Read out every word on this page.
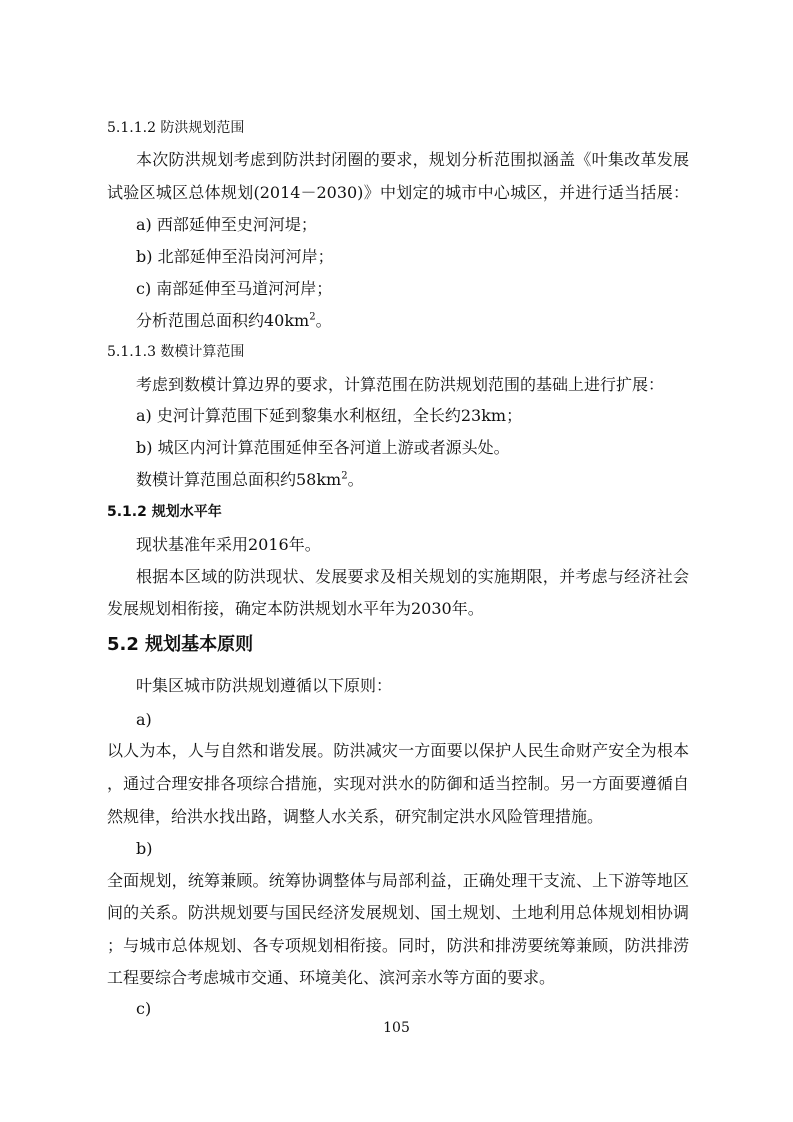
5.1.1.2 防洪规划范围
本次防洪规划考虑到防洪封闭圈的要求，规划分析范围拟涵盖《叶集改革发展
试验区城区总体规划(2014－2030)》中划定的城市中心城区，并进行适当括展：
a) 西部延伸至史河河堤；
b) 北部延伸至沿岗河河岸；
c) 南部延伸至马道河河岸；
分析范围总面积约$40km^2$。
5.1.1.3 数模计算范围
考虑到数模计算边界的要求，计算范围在防洪规划范围的基础上进行扩展：
a) 史河计算范围下延到黎集水利枢纽，全长约23km；
b) 城区内河计算范围延伸至各河道上游或者源头处。
数模计算范围总面积约$58km^2$。
5.1.2 规划水平年
现状基准年采用2016年。
根据本区域的防洪现状、发展要求及相关规划的实施期限，并考虑与经济社会
发展规划相衔接，确定本防洪规划水平年为2030年。
5.2 规划基本原则
叶集区城市防洪规划遵循以下原则：
a)
以人为本，人与自然和谐发展。防洪减灾一方面要以保护人民生命财产安全为根本
，通过合理安排各项综合措施，实现对洪水的防御和适当控制。另一方面要遵循自
然规律，给洪水找出路，调整人水关系，研究制定洪水风险管理措施。
b)
全面规划，统筹兼顾。统筹协调整体与局部利益，正确处理干支流、上下游等地区
间的关系。防洪规划要与国民经济发展规划、国土规划、土地利用总体规划相协调
；与城市总体规划、各专项规划相衔接。同时，防洪和排涝要统筹兼顾，防洪排涝
工程要综合考虑城市交通、环境美化、滨河亲水等方面的要求。
c)
105
